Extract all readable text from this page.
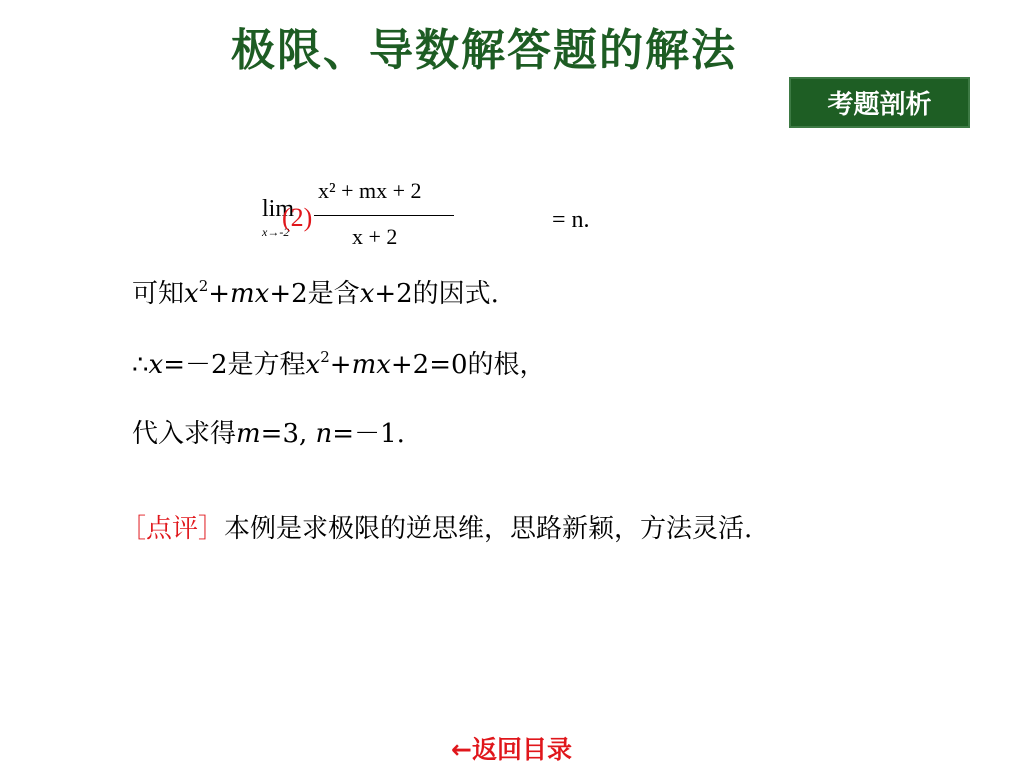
极限、导数解答题的解法
考题剖析
lim
x→-2
(2)
x² + mx + 2
x + 2
= n.
可知$x^2+mx+2$是含x+2的因式.
∴x=－2是方程$x^2+mx+2=0$的根，
代入求得m=3, n=－1.
［点评］本例是求极限的逆思维，思路新颖，方法灵活.
←返回目录
